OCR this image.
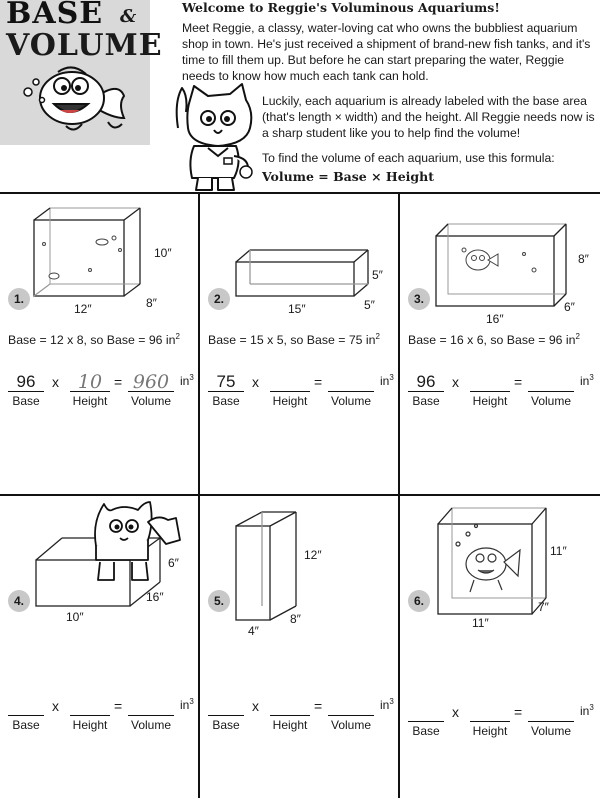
BASE &
VOLUME
Welcome to Reggie's Voluminous Aquariums!
Meet Reggie, a classy, water-loving cat who owns the bubbliest aquarium shop in town. He's just received a shipment of brand-new fish tanks, and it's time to fill them up. But before he can start preparing the water, Reggie needs to know how much each tank can hold.
Luckily, each aquarium is already labeled with the base area (that's length × width) and the height. All Reggie needs now is a sharp student like you to help find the volume!
To find the volume of each aquarium, use this formula:
Volume = Base × Height
10″
12″	8″
1.
Base = 12 x 8, so Base = 96 $in^2$
96
Base
x 10
Height
= 960
Volume
$in^3$
5″
15″	5″
2.
Base = 15 x 5, so Base = 75 $in^2$
75
Base
x
Height
=
Volume
$in^3$
8″
16″
6″
3.
Base = 16 x 6, so Base = 96 $in^2$
96
Base
x
Height
=
Volume
$in^3$
6″
10″
16″
4.
Base
x
Height
=
Volume
$in^3$
12″
4″
8″
5.
Base
x
Height
=
Volume
$in^3$
11″
11″
7″
6.
Base
x
Height
=
Volume
$in^3$
